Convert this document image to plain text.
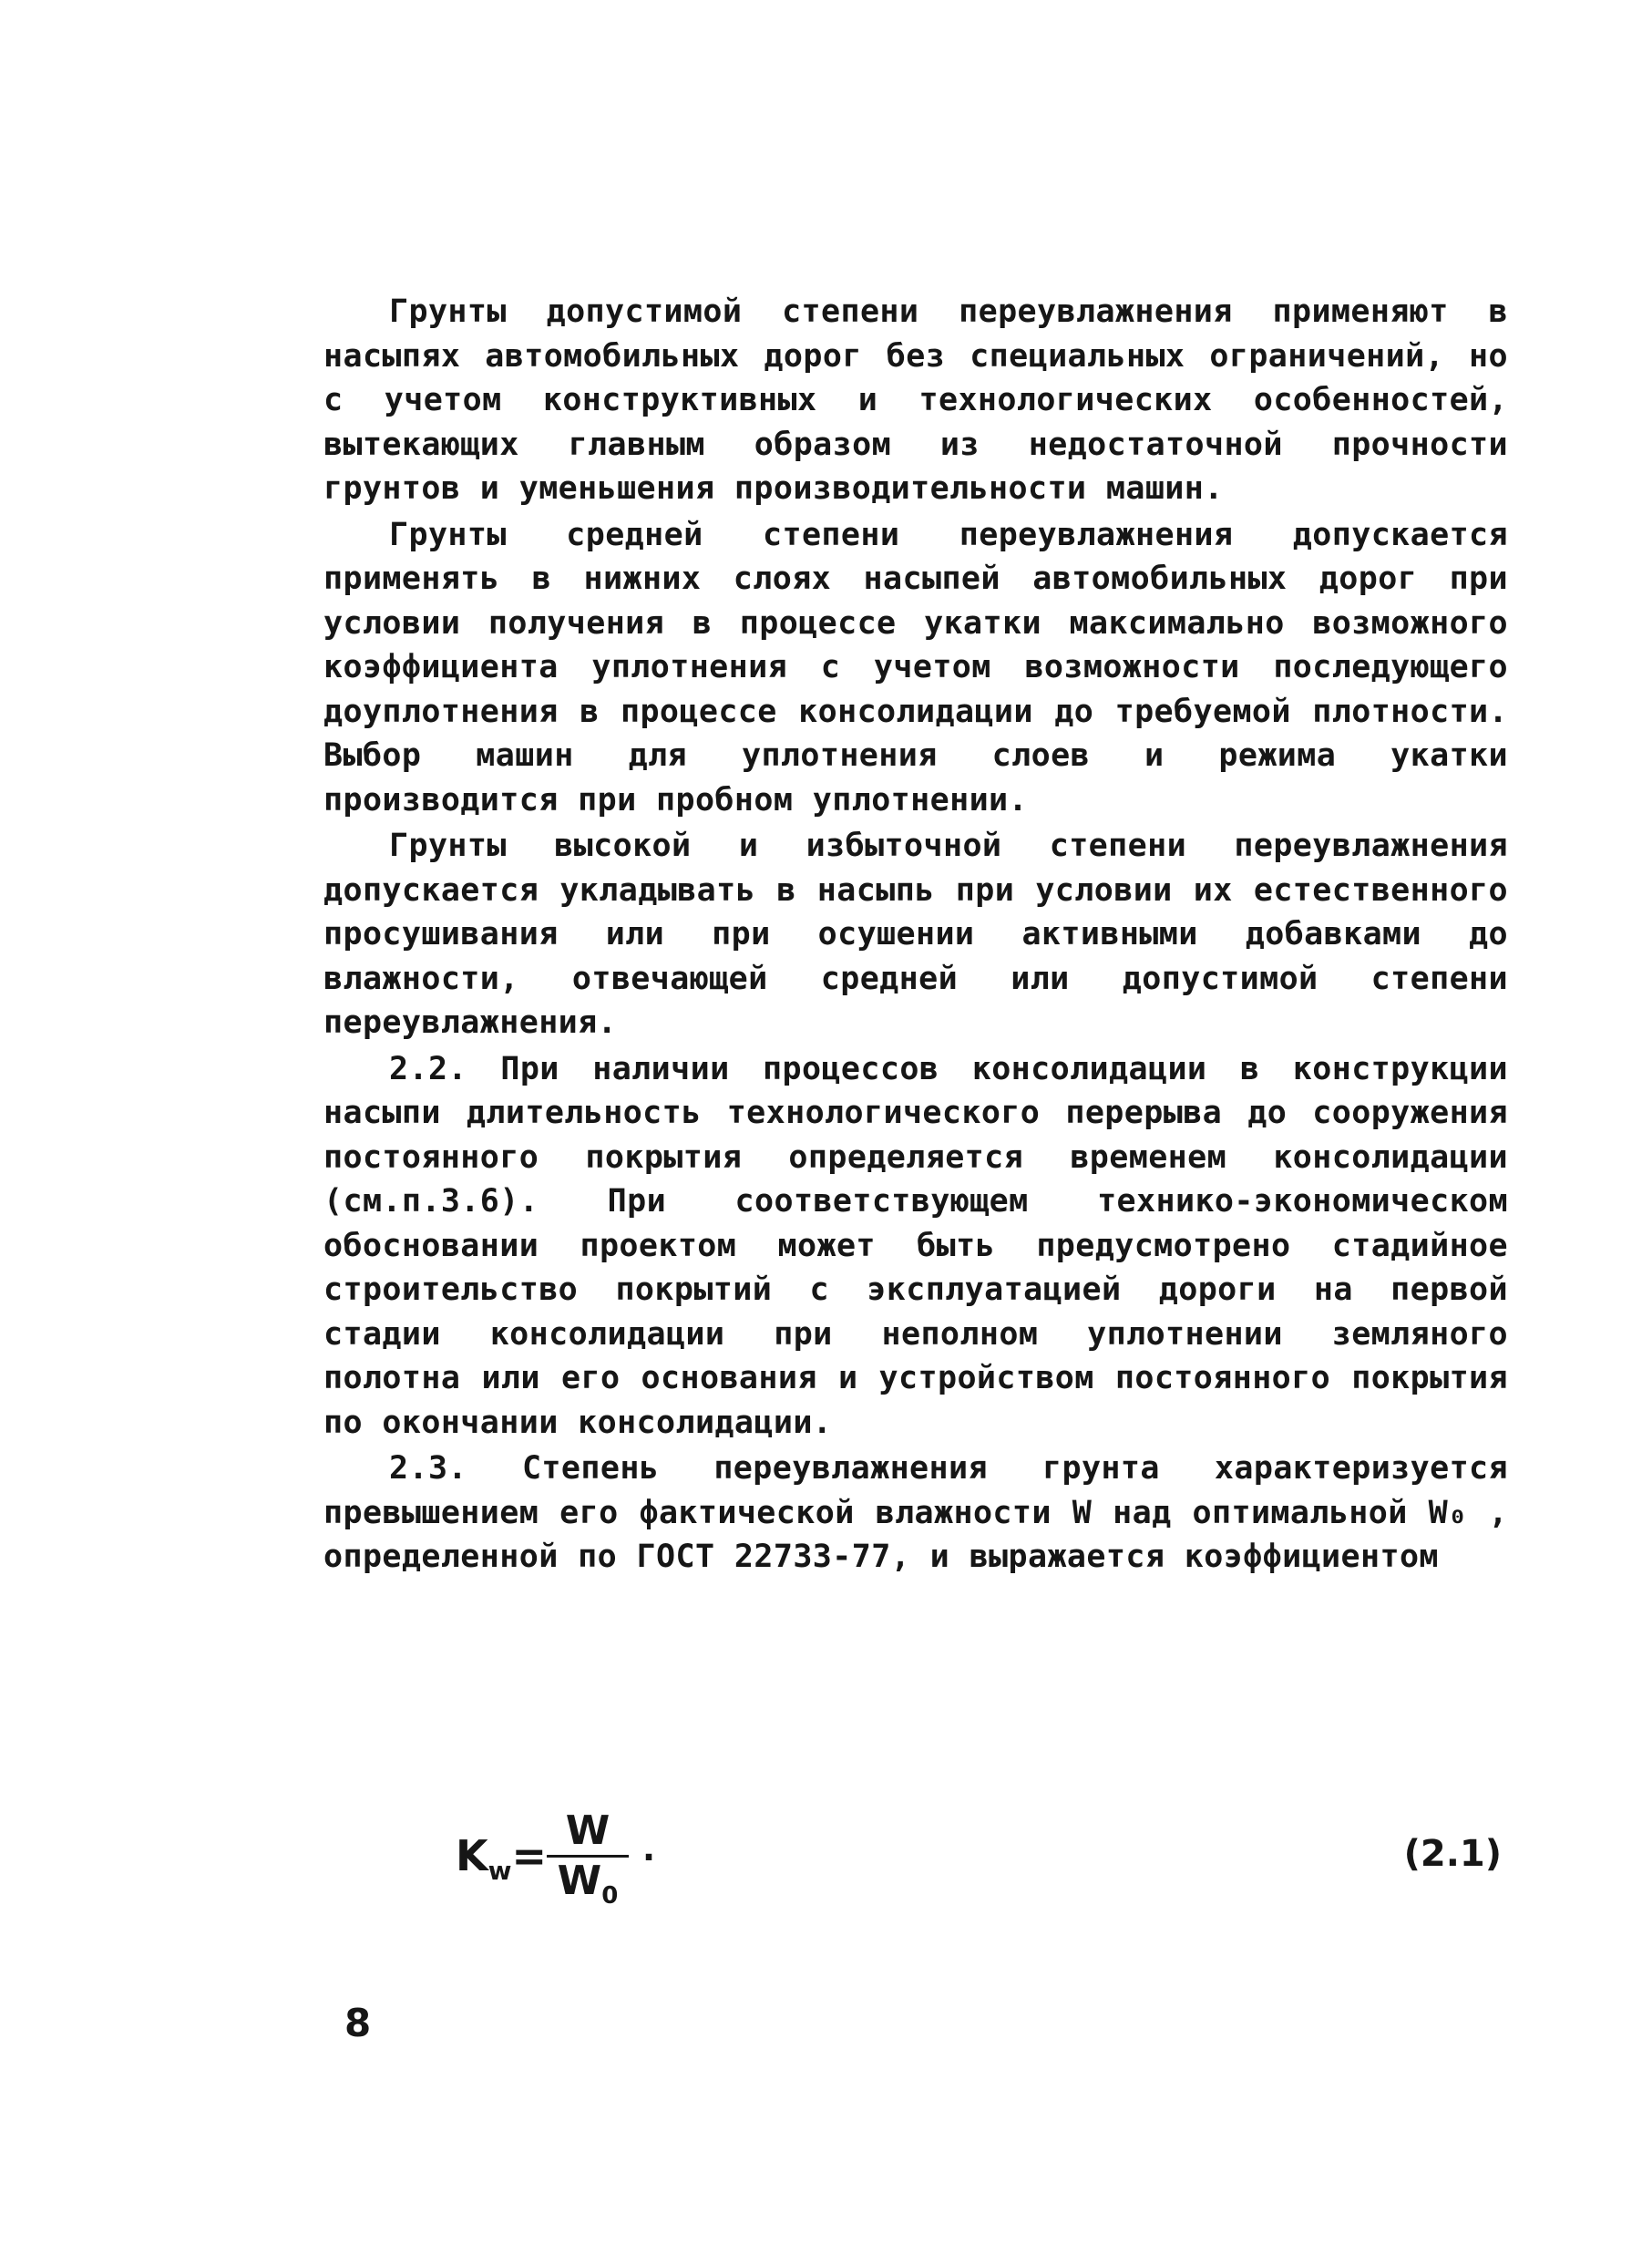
Грунты допустимой степени переувлажнения применяют в насыпях автомобильных дорог без специальных ограничений, но с учетом конструктивных и технологических особенностей, вытекающих главным образом из недостаточной прочности грунтов и уменьшения производительности машин.

Грунты средней степени переувлажнения допускается применять в нижних слоях насыпей автомобильных дорог при условии получения в процессе укатки максимально возможного коэффициента уплотнения с учетом возможности последующего доуплотнения в процессе консолидации до требуемой плотности. Выбор машин для уплотнения слоев и режима укатки производится при пробном уплотнении.

Грунты высокой и избыточной степени переувлажнения допускается укладывать в насыпь при условии их естественного просушивания или при осушении активными добавками до влажности, отвечающей средней или допустимой степени переувлажнения.

2.2. При наличии процессов консолидации в конструкции насыпи длительность технологического перерыва до сооружения постоянного покрытия определяется временем консолидации (см.п.3.6). При соответствующем технико-экономическом обосновании проектом может быть предусмотрено стадийное строительство покрытий с эксплуатацией дороги на первой стадии консолидации при неполном уплотнении земляного полотна или его основания и устройством постоянного покрытия по окончании консолидации.

2.3. Степень переувлажнения грунта характеризуется превышением его фактической влажности W над оптимальной W₀ , определенной по ГОСТ 22733-77, и выражается коэффициентом

$K_w=$
W
$W_0$
.	(2.1)
8
